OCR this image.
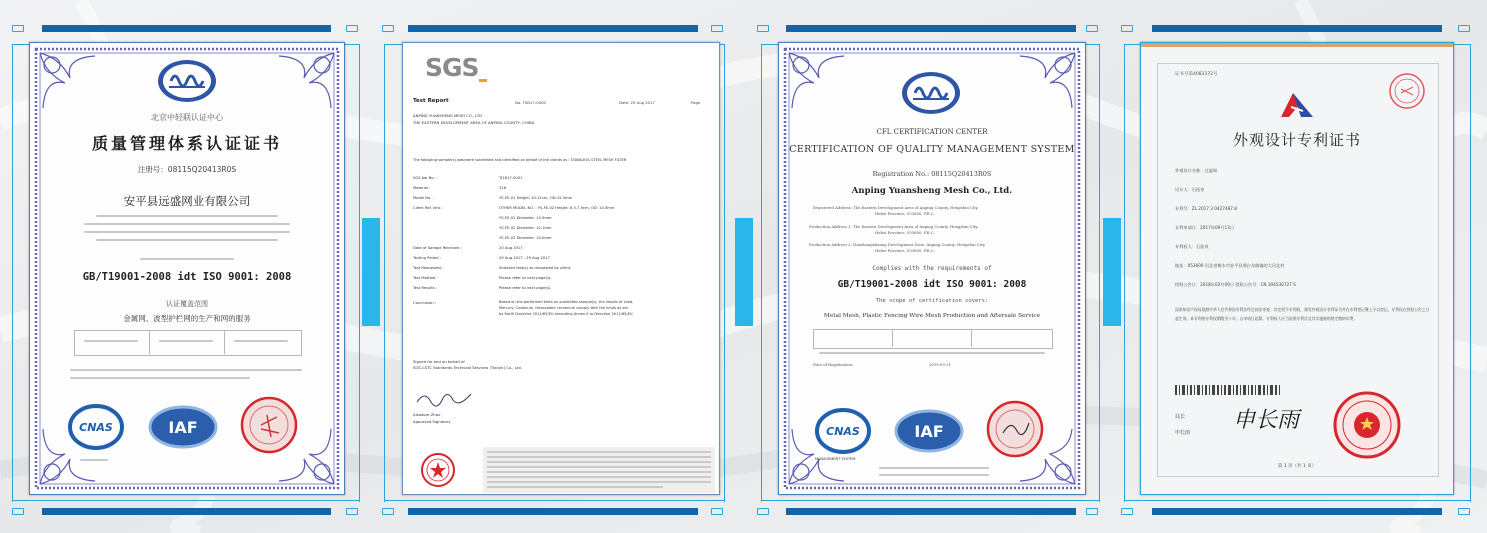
北京中轻联认证中心
质量管理体系认证证书
注册号：08115Q20413R0S
安平县远盛网业有限公司
GB/T19001-2008 idt ISO 9001: 2008
认证覆盖范围
金属网、波型护栏网的生产和网的服务
CNAS	IAF
SGS
Test Report	No. TSN17-0000	Date: 29 Aug 2017	Page
ANPING YUANSHENG MESH CO., LTD
THE EASTERN DEVELOPMENT AREA OF ANPING COUNTY, CHINA
The following sample(s) was/were submitted and identified on behalf of the clients as : STAINLESS STEEL MESH FILTER
SGS Job No. :	TJ1617-0001
Material :	316
Model No. :	YS-FE-01 Height: 10-11cm, OD:15.5mm
Client Ref. Info. :	OTHER MODEL NO. : YS-FE-02 Height: 6.3-7.9cm, OD: 10.5mm
YS-FE-01 Diameter: 15.5mm
YS-FE-02 Diameter: 10.1mm
YS-FE-03 Diameter: 10.0mm
Date of Sample Received :	20 Aug 2017
Testing Period :	20 Aug 2017 - 29 Aug 2017
Test Requested :	Selected test(s) as requested by client.
Test Method :	Please refer to next page(s).
Test Results :	Please refer to next page(s).
Conclusion :	Based on the performed tests on submitted sample(s), the results of Lead,
Mercury, Cadmium, Hexavalent chromium comply with the limits as set
by RoHS Directive 2011/65/EU amending Annex II to Directive 2011/65/EU.
Signed for and on behalf of
SGS-CSTC Standards Technical Services (Tianjin) Co., Ltd.
Alsadore Zhou
Approved Signatory
CFL CERTIFICATION CENTER
CERTIFICATION OF QUALITY MANAGEMENT SYSTEM
Registration No.: 08115Q20413R0S
Anping Yuansheng Mesh Co., Ltd.
Registered Address: The Eastern Development Area of Anping County, Hengshui City,
Hebei Province, 053600, P.R.C.
Production Address 1: The Eastern Development Area of Anping County, Hengshui City,
Hebei Province, 053600, P.R.C.
Production Address 2: Nanzhangzhuang Development Zone, Anping County, Hengshui City,
Hebei Province, 053600, P.R.C.
Complies with the requirements of
GB/T19001-2008 idt ISO 9001: 2008
The scope of certification covers:
Metal Mesh, Plastic Fencing Wire Mesh Production and Aftersale Service
Date of Registration:	2019-03-21
CNAS
MANAGEMENT SYSTEM
IAF
证书号第4083372号
外观设计专利证书
外观设计名称：过滤网
设计人：石拓泉
专利号：ZL 2017 3 0427487.8
专利申请日：2017年09月13日
专利权人：石拓泉
地址：053600 河北省衡水市安平县邢台东路镇的大河北村
授权公告日：2018年02月09日 授权公告号：CN 304530727 S
国家知识产权局依照中华人民共和国专利法经过初步审查，决定授予专利权，颁发外观设计专利证书并在专利登记簿上予以登记。专利权自授权公告之日起生效。本专利的专利权期限为十年，自申请日起算。专利权人应当依照专利法及其实施细则规定缴纳年费。
局长
申长雨 申长雨
第 1 页（共 1 页）
